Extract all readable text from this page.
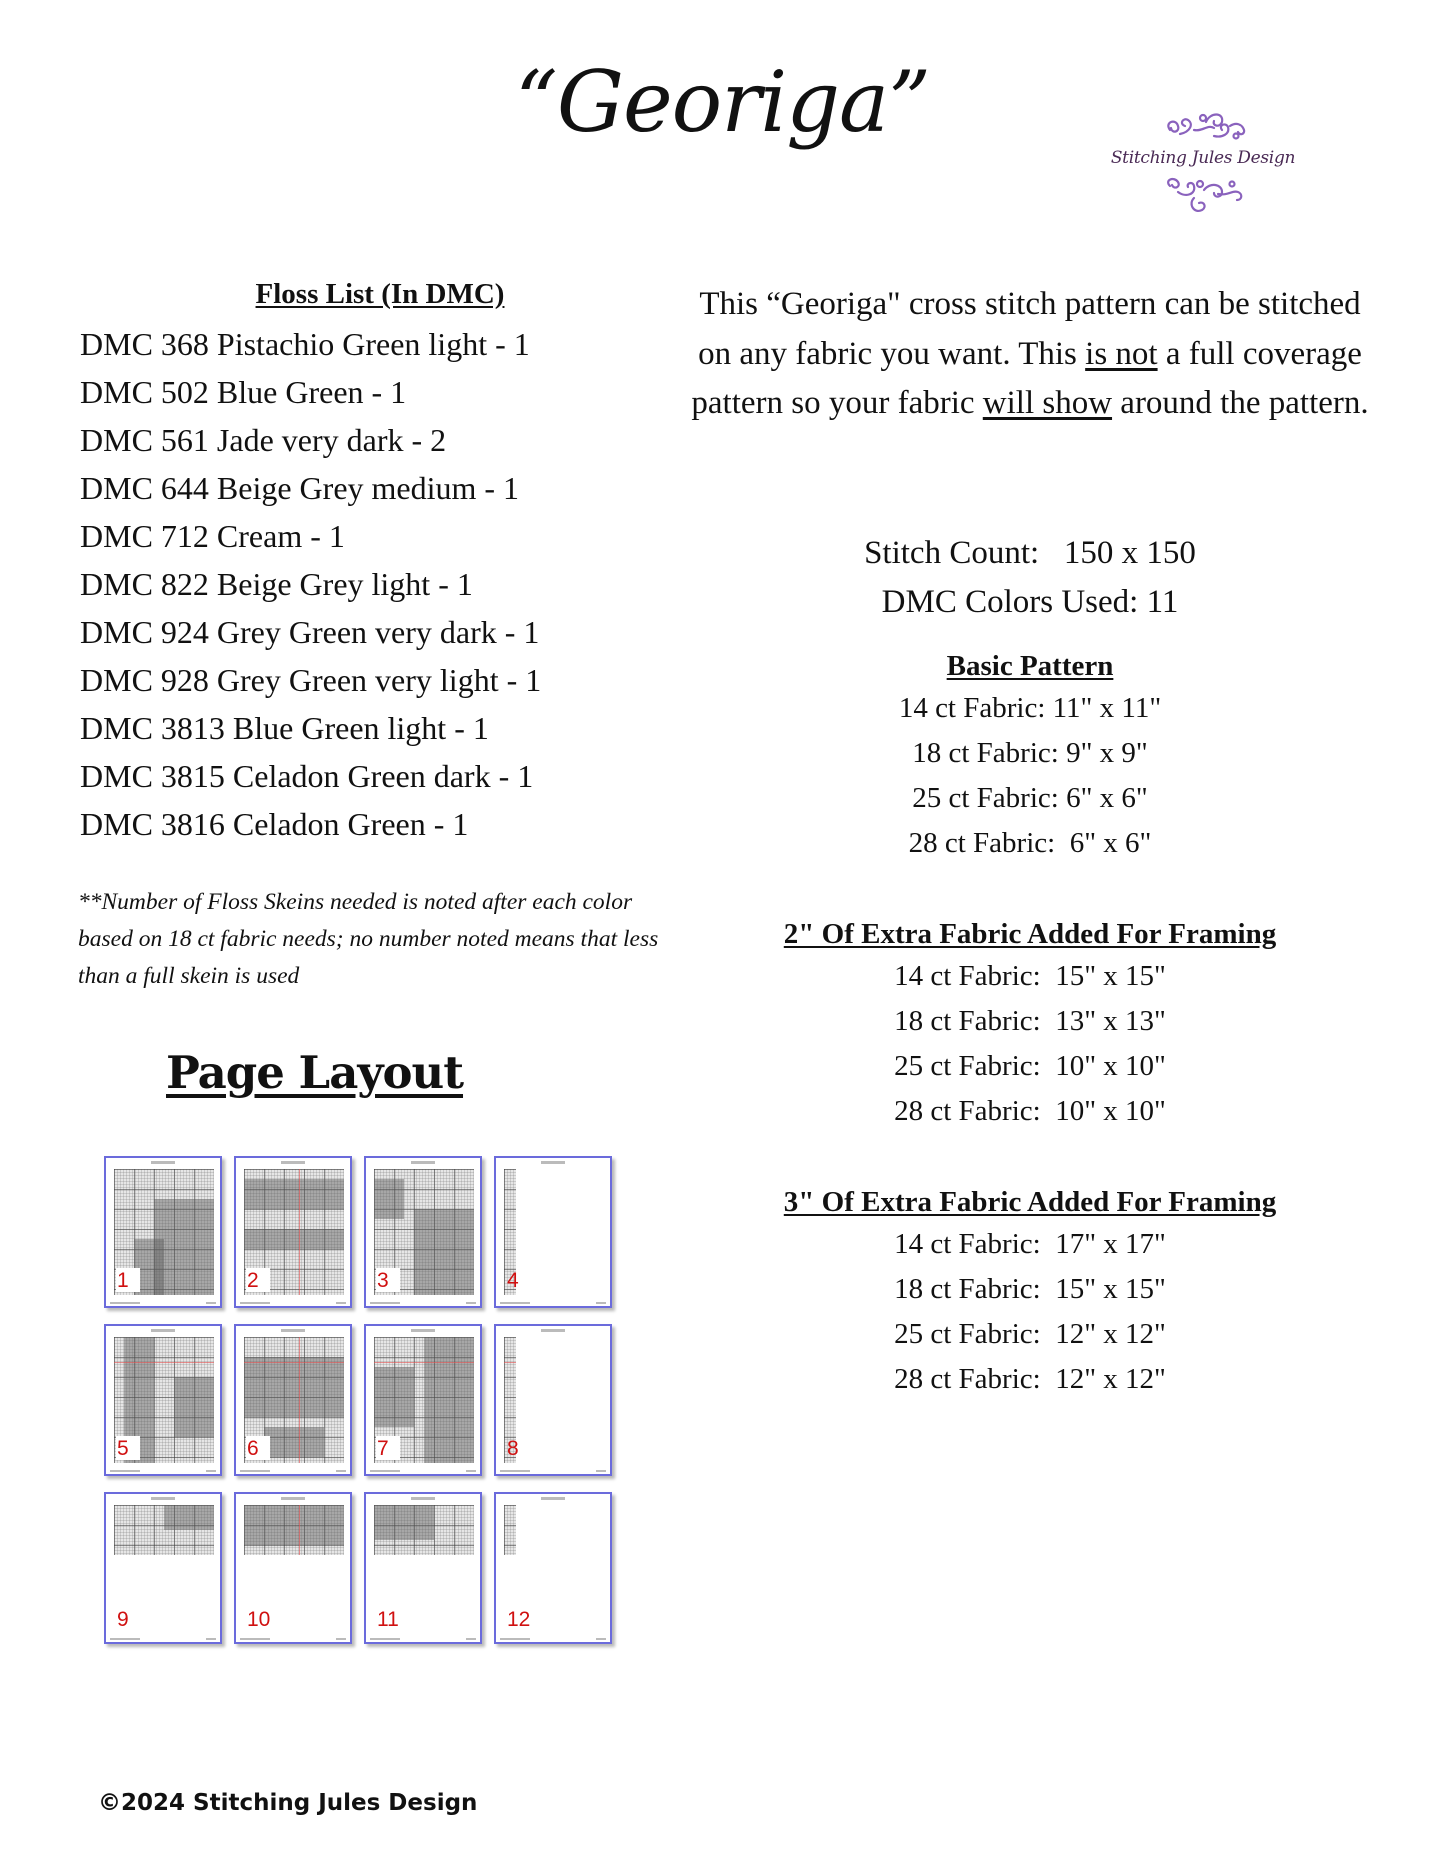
“Georiga”
Stitching Jules Design
Floss List (In DMC)
DMC 368 Pistachio Green light - 1
DMC 502 Blue Green - 1
DMC 561 Jade very dark - 2
DMC 644 Beige Grey medium - 1
DMC 712 Cream - 1
DMC 822 Beige Grey light - 1
DMC 924 Grey Green very dark - 1
DMC 928 Grey Green very light - 1
DMC 3813 Blue Green light - 1
DMC 3815 Celadon Green dark - 1
DMC 3816 Celadon Green - 1
**Number of Floss Skeins needed is noted after each color based on 18 ct fabric needs; no number noted means that less than a full skein is used
Page Layout
1	2	3	4
5	6	7	8
9	10	11	12
This “Georiga" cross stitch pattern can be stitched on any fabric you want. This is not a full coverage pattern so your fabric will show around the pattern.
Stitch Count:   150 x 150
DMC Colors Used: 11
Basic Pattern
14 ct Fabric: 11" x 11"
18 ct Fabric: 9" x 9"
25 ct Fabric: 6" x 6"
28 ct Fabric:  6" x 6"
2" Of Extra Fabric Added For Framing
14 ct Fabric:  15" x 15"
18 ct Fabric:  13" x 13"
25 ct Fabric:  10" x 10"
28 ct Fabric:  10" x 10"
3" Of Extra Fabric Added For Framing
14 ct Fabric:  17" x 17"
18 ct Fabric:  15" x 15"
25 ct Fabric:  12" x 12"
28 ct Fabric:  12" x 12"
©2024 Stitching Jules Design
